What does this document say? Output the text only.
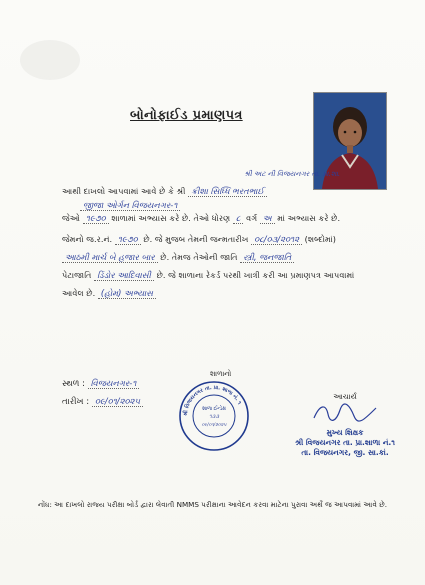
બોનોફાઈડ પ્રમાણપત્ર
શ્રી અટ ની વિજયનગર તા. પ્રા.શા.
આથી દાખલો આપવામાં આવે છે કે શ્રી ક્રીશા સિધ્ધિ ભરતભાઈ
જીજા ઓર્ગન વિજયનગર-૧
જેઓ ૧૯૭૦ શાળામાં અભ્યાસ કરે છે. તેઓ ધોરણ ૮ વર્ગ અ માં અભ્યાસ કરે છે.
જેમનો જ.ર.નં. ૧૯૭૦ છે. જે મુજબ તેમની જન્મતારીખ ૦૮/૦૩/૨૦૧૨ (શબ્દોમાં)
આઠમી માર્ચ બે હજાર બાર છે. તેમજ તેઓની જાતિ સ્ત્રી, જનજાતિ
પેટાજાતિ ડિંડોર આદિવાસી છે. જે શાળાના રેકર્ડ પરથી ખાત્રી કરી આ પ્રમાણપત્ર આપવામાં
આવેલ છે. (હોમ) અભ્યાસ
સ્થળ : વિજયનગર-૧
તારીખ : ૦૯/૦૧/૨૦૨૫
શાળાનો
શ્રી વિજયનગર તા. પ્રા. શાળા નં. ૧
શાળા ઈન્ડેક્ષ
૧૩૩
૦૯/૦૧/૨૦૨૫
આચાર્ય
મુખ્ય શિક્ષક
શ્રી વિજયનગર તા. પ્રા.શાળા નં.૧
તા. વિજયનગર, જી. સા.કાં.
નોંધ: આ દાખલો રાજ્ય પરીક્ષા બોર્ડ દ્વારા લેવાતી NMMS પરીક્ષાના આવેદન કરવા માટેના પુરાવા અર્થે જ આપવામાં આવે છે.
